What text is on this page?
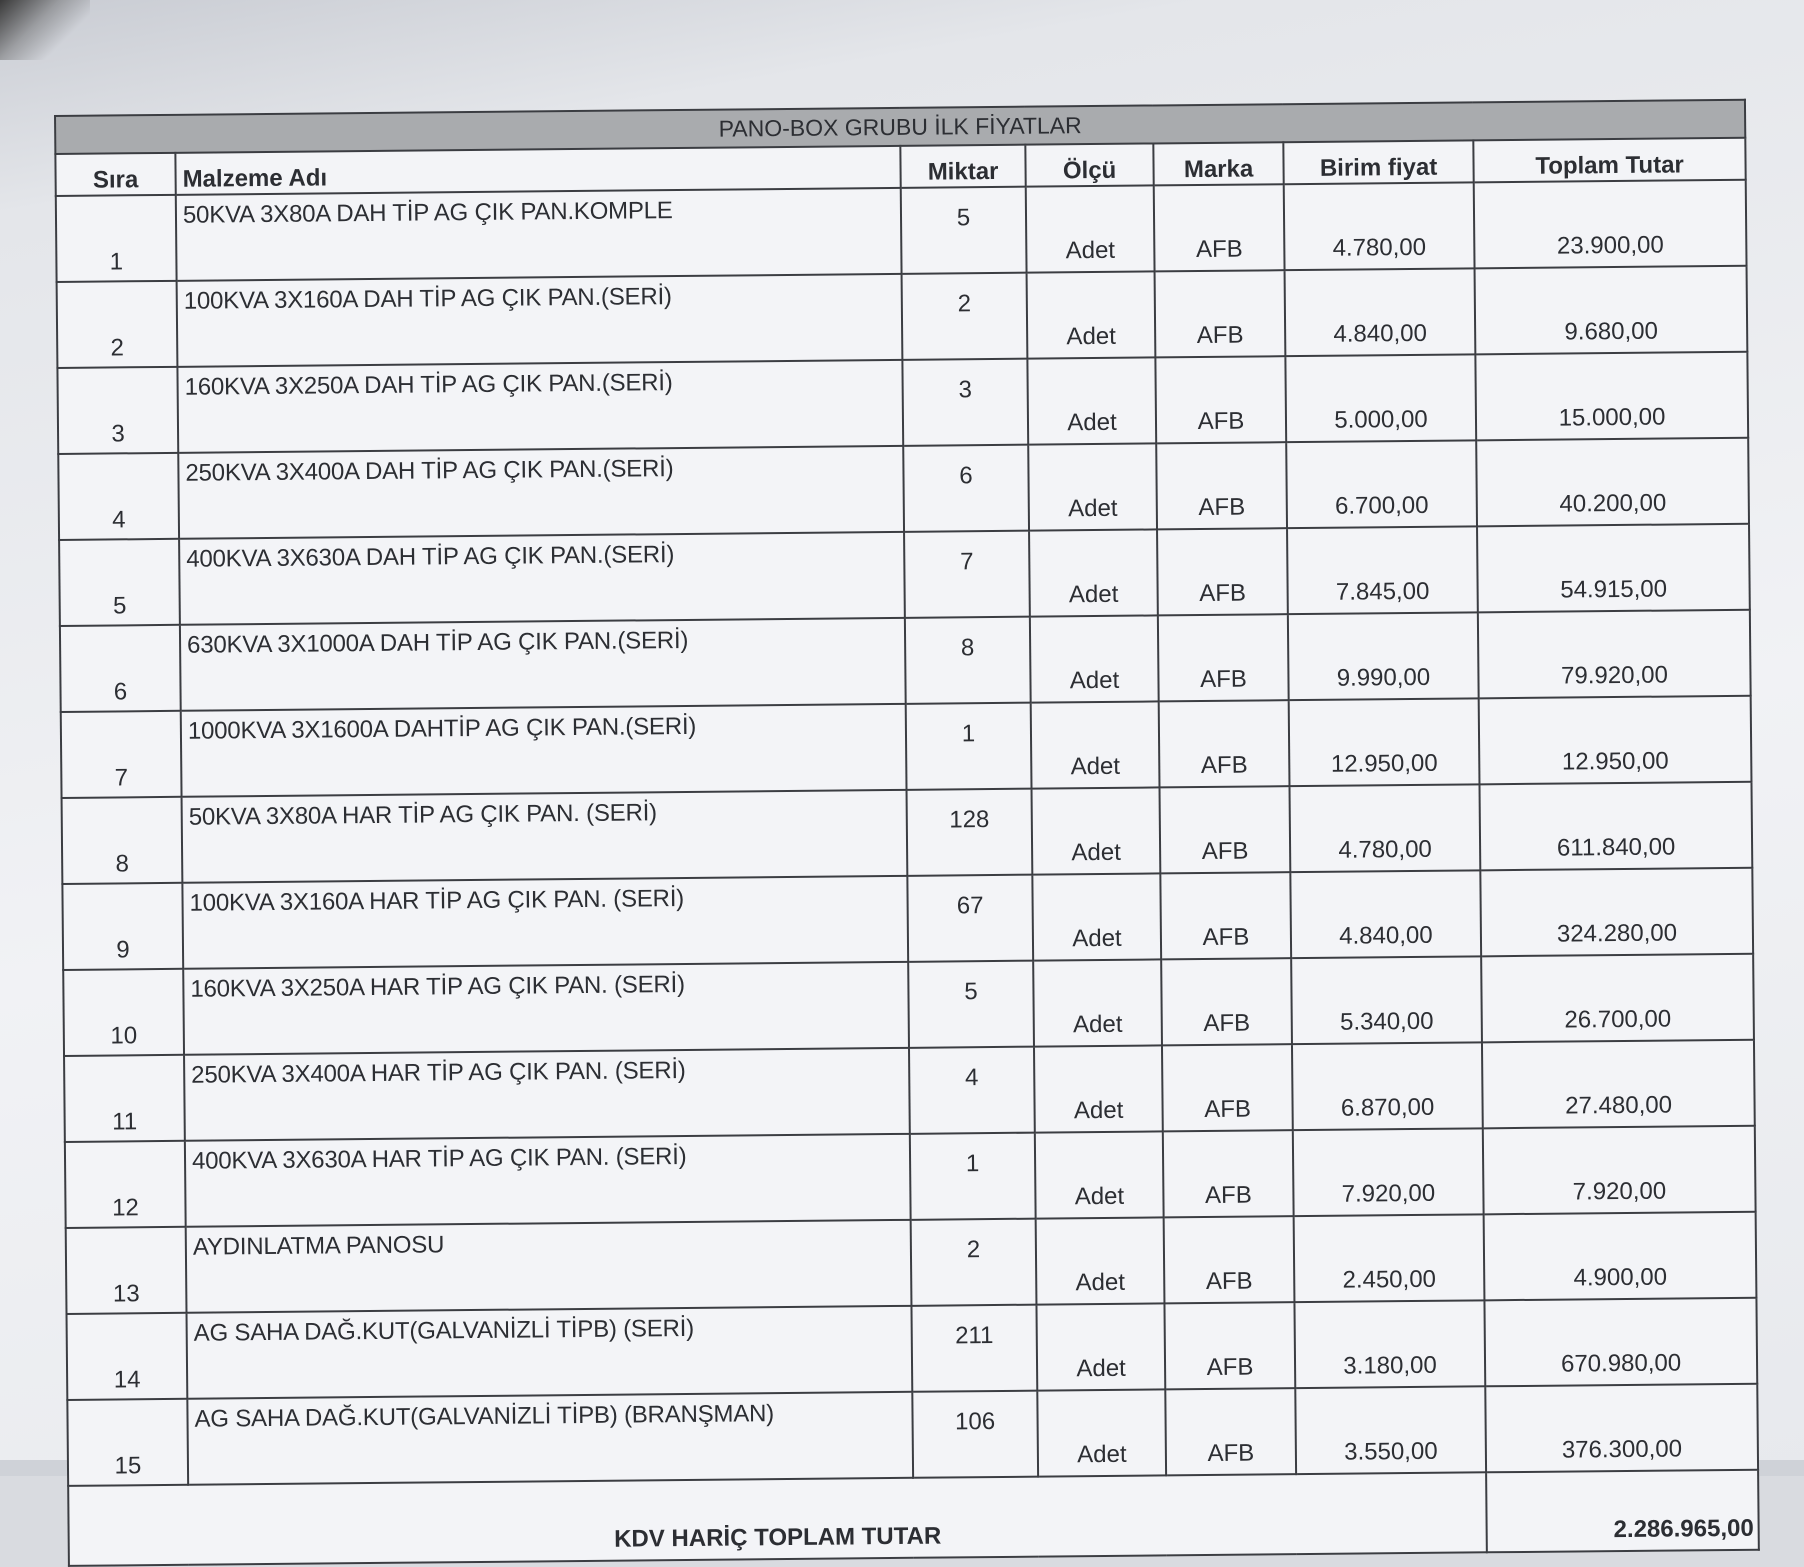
PANO-BOX GRUBU İLK FİYATLAR						
Sıra	Malzeme Adı	Miktar	Ölçü	Marka	Birim fiyat	Toplam Tutar
1	50KVA 3X80A DAH TİP AG ÇIK PAN.KOMPLE	5	Adet	AFB	4.780,00	23.900,00
2	100KVA 3X160A DAH TİP AG ÇIK PAN.(SERİ)	2	Adet	AFB	4.840,00	9.680,00
3	160KVA 3X250A DAH TİP AG ÇIK PAN.(SERİ)	3	Adet	AFB	5.000,00	15.000,00
4	250KVA 3X400A DAH TİP AG ÇIK PAN.(SERİ)	6	Adet	AFB	6.700,00	40.200,00
5	400KVA 3X630A DAH TİP AG ÇIK PAN.(SERİ)	7	Adet	AFB	7.845,00	54.915,00
6	630KVA 3X1000A DAH TİP AG ÇIK PAN.(SERİ)	8	Adet	AFB	9.990,00	79.920,00
7	1000KVA 3X1600A DAHTİP AG ÇIK PAN.(SERİ)	1	Adet	AFB	12.950,00	12.950,00
8	50KVA 3X80A HAR TİP AG ÇIK PAN. (SERİ)	128	Adet	AFB	4.780,00	611.840,00
9	100KVA 3X160A HAR TİP AG ÇIK PAN. (SERİ)	67	Adet	AFB	4.840,00	324.280,00
10	160KVA 3X250A HAR TİP AG ÇIK PAN. (SERİ)	5	Adet	AFB	5.340,00	26.700,00
11	250KVA 3X400A HAR TİP AG ÇIK PAN. (SERİ)	4	Adet	AFB	6.870,00	27.480,00
12	400KVA 3X630A HAR TİP AG ÇIK PAN. (SERİ)	1	Adet	AFB	7.920,00	7.920,00
13	AYDINLATMA PANOSU	2	Adet	AFB	2.450,00	4.900,00
14	AG SAHA DAĞ.KUT(GALVANİZLİ TİPB) (SERİ)	211	Adet	AFB	3.180,00	670.980,00
15	AG SAHA DAĞ.KUT(GALVANİZLİ TİPB) (BRANŞMAN)	106	Adet	AFB	3.550,00	376.300,00
KDV HARİÇ TOPLAM TUTAR						2.286.965,00
